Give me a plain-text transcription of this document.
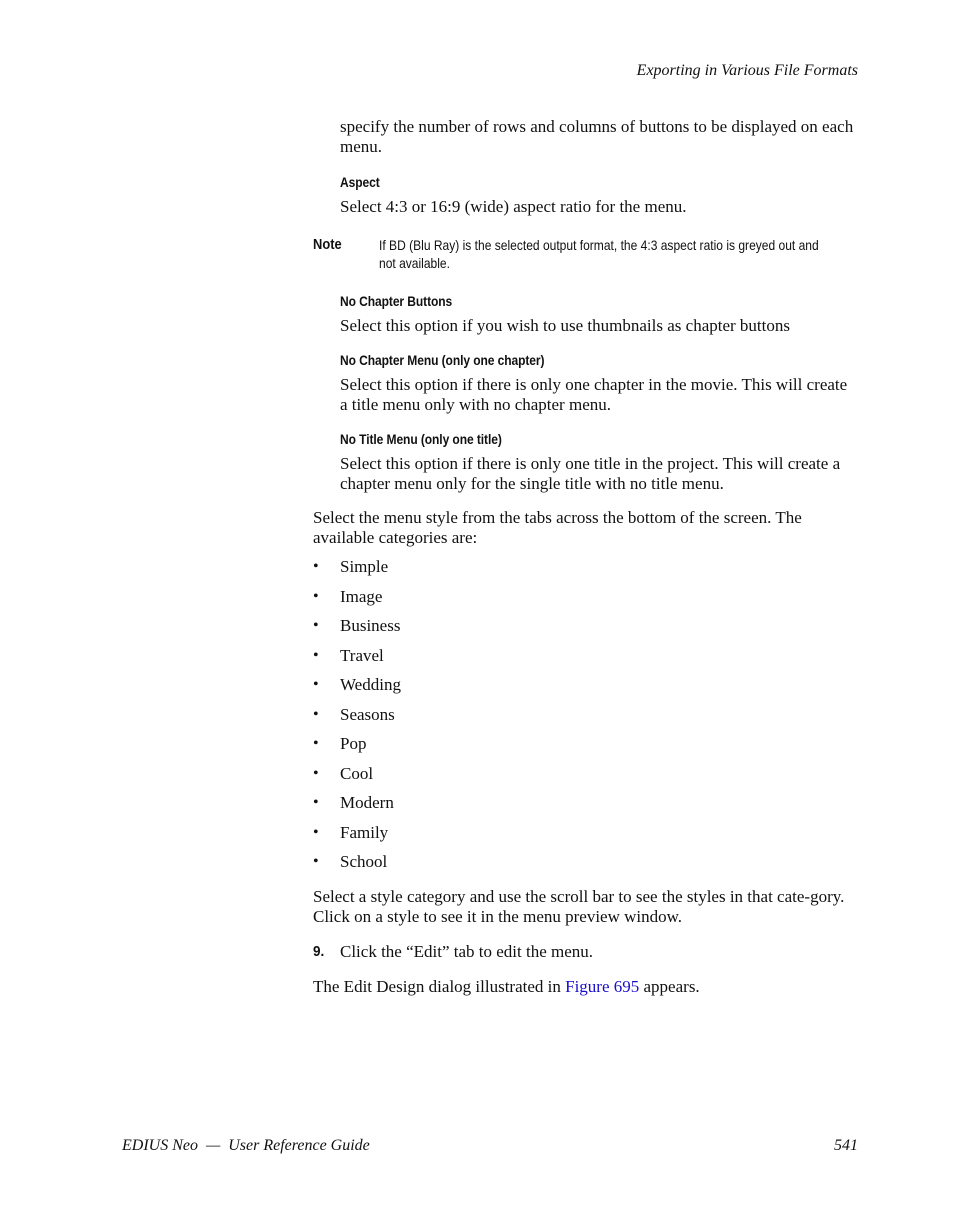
Exporting in Various File Formats
specify the number of rows and columns of buttons to be displayed on each menu.
Aspect
Select 4:3 or 16:9 (wide) aspect ratio for the menu.
Note	If BD (Blu Ray) is the selected output format, the 4:3 aspect ratio is greyed out and not available.
No Chapter Buttons
Select this option if you wish to use thumbnails as chapter buttons
No Chapter Menu (only one chapter)
Select this option if there is only one chapter in the movie. This will create a title menu only with no chapter menu.
No Title Menu (only one title)
Select this option if there is only one title in the project. This will create a chapter menu only for the single title with no title menu.
Select the menu style from the tabs across the bottom of the screen. The available categories are:
• Simple
• Image
• Business
• Travel
• Wedding
• Seasons
• Pop
• Cool
• Modern
• Family
• School
Select a style category and use the scroll bar to see the styles in that cate-gory. Click on a style to see it in the menu preview window.
9. Click the “Edit” tab to edit the menu.
The Edit Design dialog illustrated in Figure 695 appears.
EDIUS Neo  —  User Reference Guide	541
